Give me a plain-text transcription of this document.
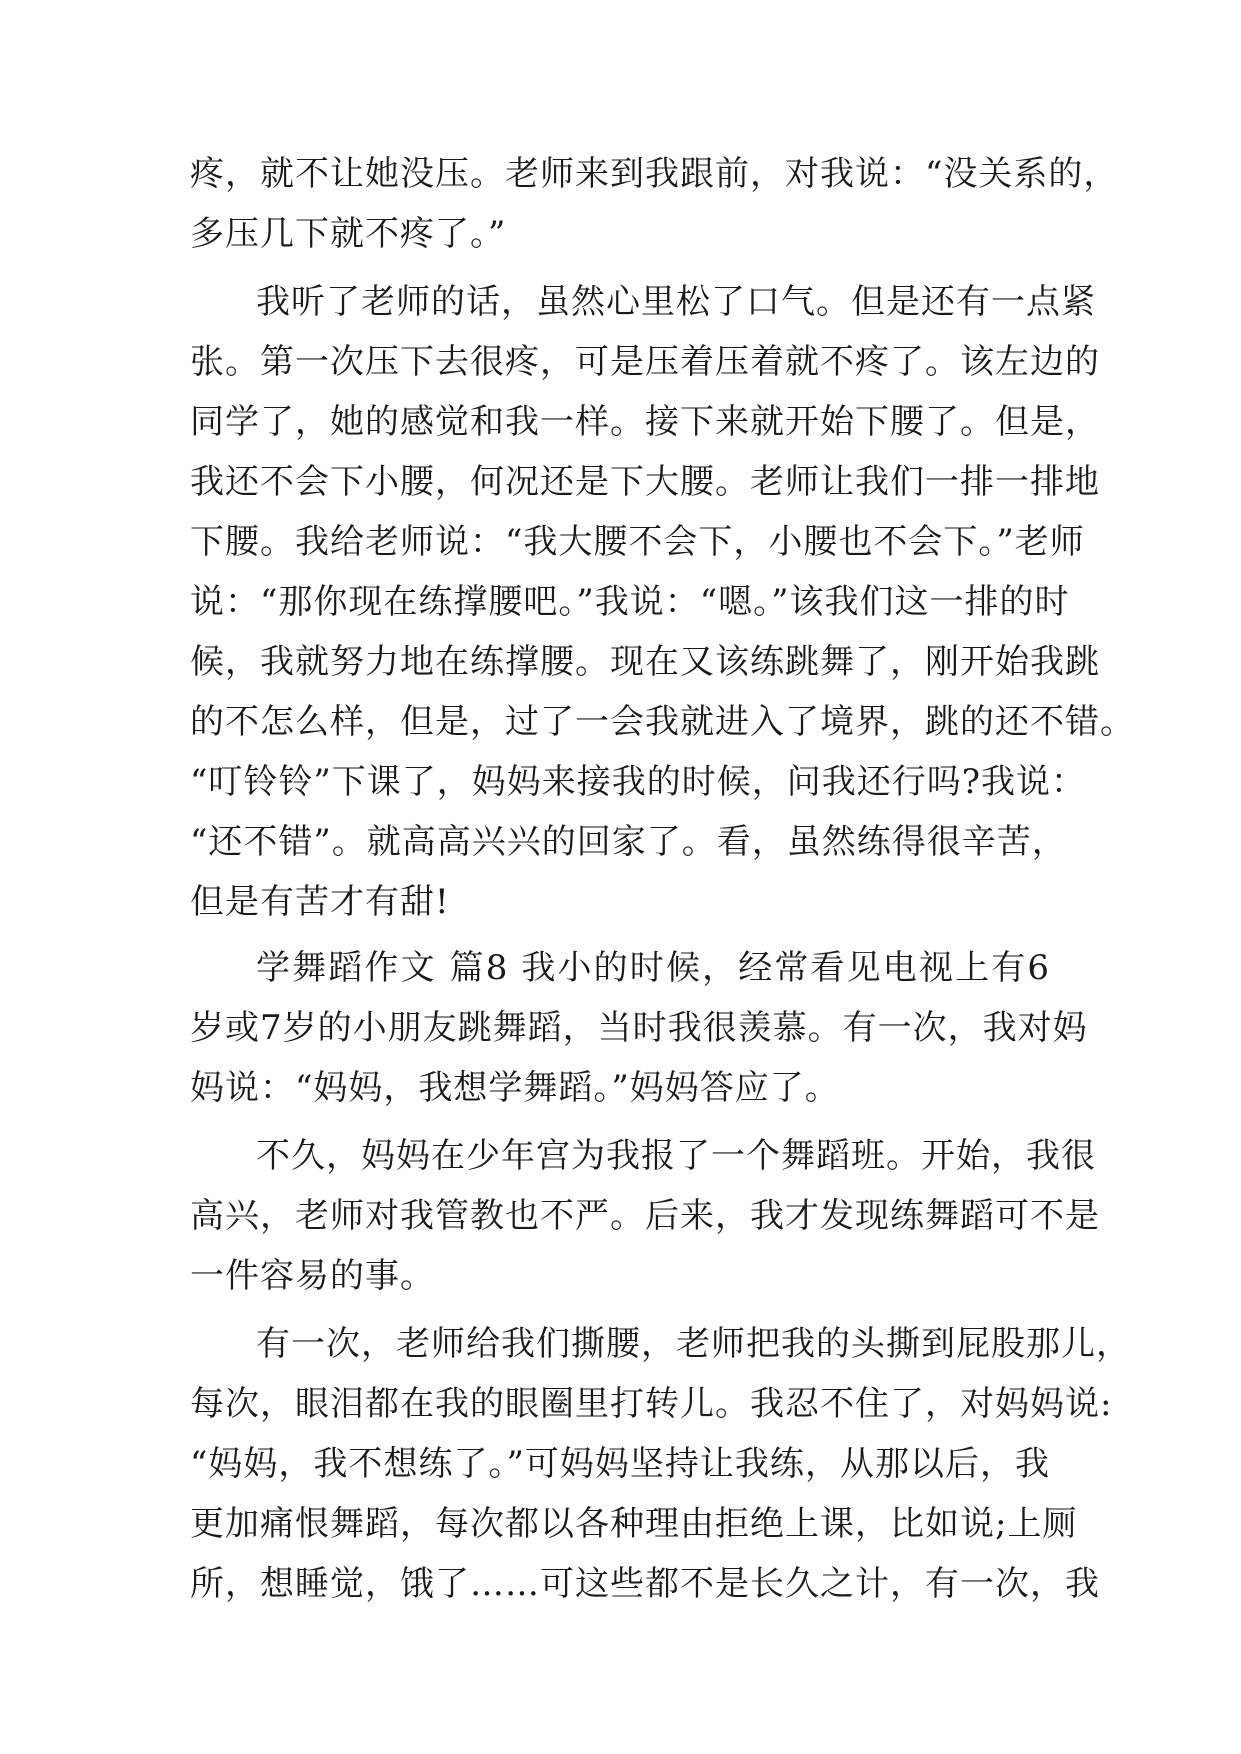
疼，就不让她没压。老师来到我跟前，对我说：“没关系的，

多压几下就不疼了。”

我听了老师的话，虽然心里松了口气。但是还有一点紧

张。第一次压下去很疼，可是压着压着就不疼了。该左边的

同学了，她的感觉和我一样。接下来就开始下腰了。但是，

我还不会下小腰，何况还是下大腰。老师让我们一排一排地

下腰。我给老师说：“我大腰不会下，小腰也不会下。”老师

说：“那你现在练撑腰吧。”我说：“嗯。”该我们这一排的时

候，我就努力地在练撑腰。现在又该练跳舞了，刚开始我跳

的不怎么样，但是，过了一会我就进入了境界，跳的还不错。

“叮铃铃”下课了，妈妈来接我的时候，问我还行吗?我说：

“还不错”。就高高兴兴的回家了。看，虽然练得很辛苦，

但是有苦才有甜!

学舞蹈作文 篇8 我小的时候，经常看见电视上有6

岁或7岁的小朋友跳舞蹈，当时我很羡慕。有一次，我对妈

妈说：“妈妈，我想学舞蹈。”妈妈答应了。

不久，妈妈在少年宫为我报了一个舞蹈班。开始，我很

高兴，老师对我管教也不严。后来，我才发现练舞蹈可不是

一件容易的事。

有一次，老师给我们撕腰，老师把我的头撕到屁股那儿，

每次，眼泪都在我的眼圈里打转儿。我忍不住了，对妈妈说:

“妈妈，我不想练了。”可妈妈坚持让我练，从那以后，我

更加痛恨舞蹈，每次都以各种理由拒绝上课，比如说;上厕

所，想睡觉，饿了……可这些都不是长久之计，有一次，我
